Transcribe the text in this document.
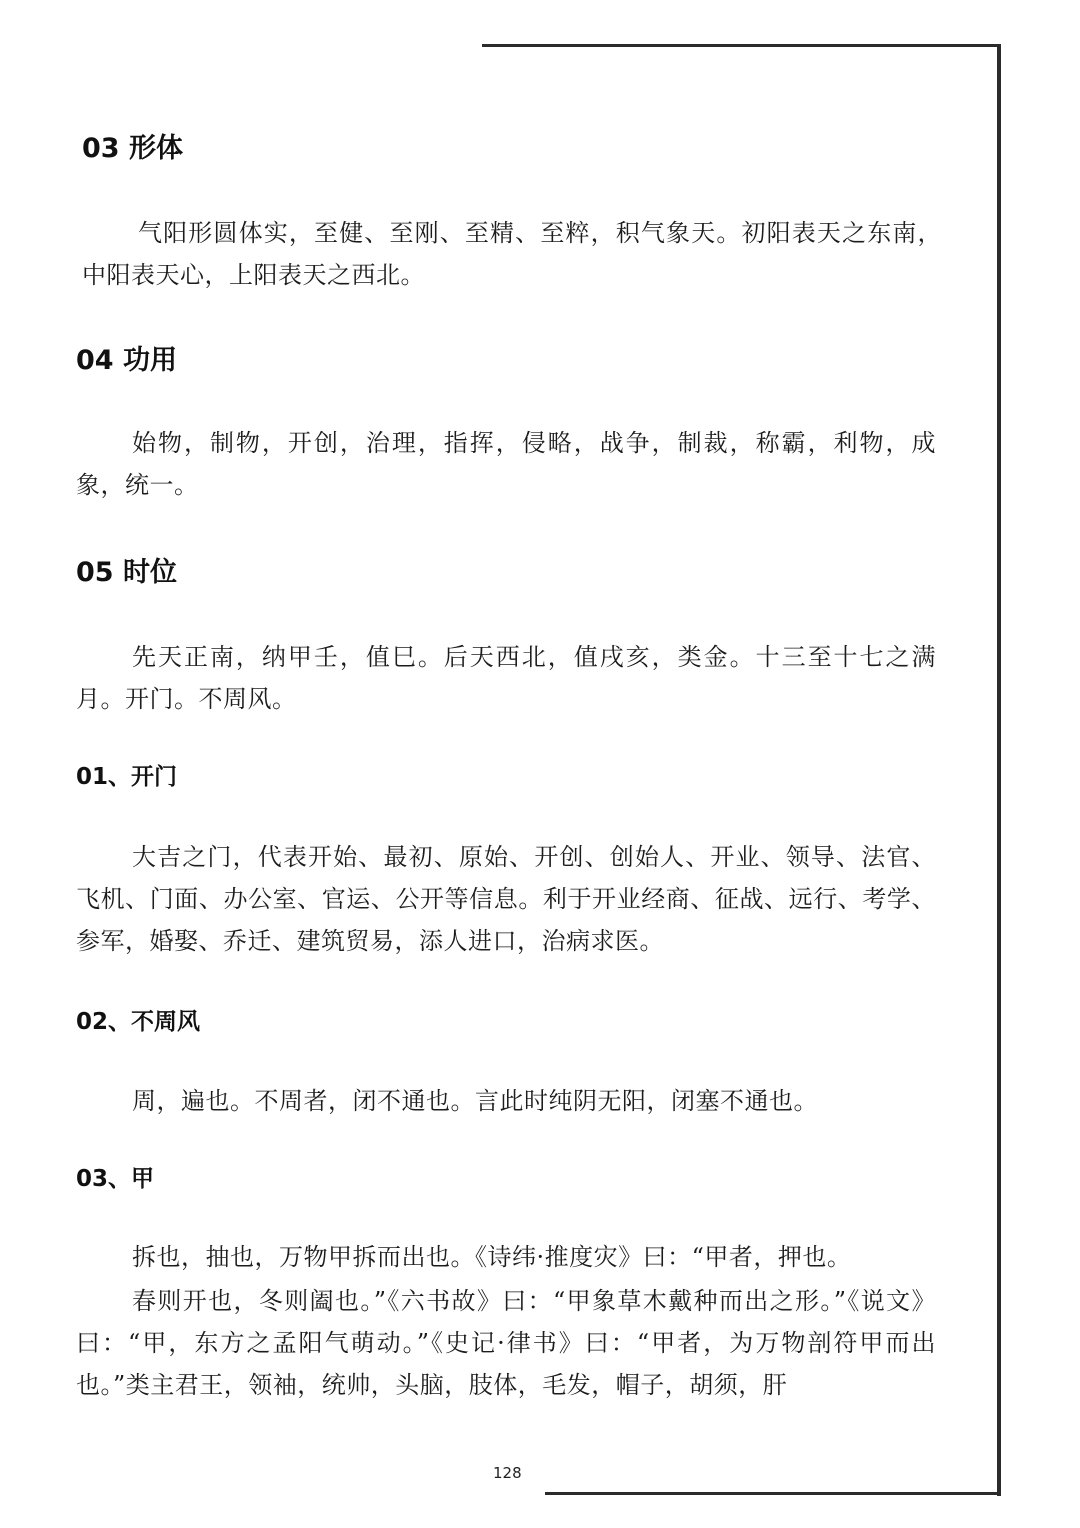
03 形体

气阳形圆体实，至健、至刚、至精、至粹，积气象天。初阳表天之东南，中阳表天心，上阳表天之西北。

04 功用

始物，制物，开创，治理，指挥，侵略，战争，制裁，称霸，利物，成象，统一。

05 时位

先天正南，纳甲壬，值巳。后天西北，值戌亥，类金。十三至十七之满月。开门。不周风。

01、开门

大吉之门，代表开始、最初、原始、开创、创始人、开业、领导、法官、飞机、门面、办公室、官运、公开等信息。利于开业经商、征战、远行、考学、参军，婚娶、乔迁、建筑贸易，添人进口，治病求医。

02、不周风

周，遍也。不周者，闭不通也。言此时纯阴无阳，闭塞不通也。

03、甲

拆也，抽也，万物甲拆而出也。《诗纬·推度灾》曰：“甲者，押也。

春则开也，冬则阖也。”《六书故》曰：“甲象草木戴种而出之形。”《说文》曰：“甲，东方之孟阳气萌动。”《史记·律书》曰：“甲者，为万物剖符甲而出也。”类主君王，领袖，统帅，头脑，肢体，毛发，帽子，胡须，肝

128
